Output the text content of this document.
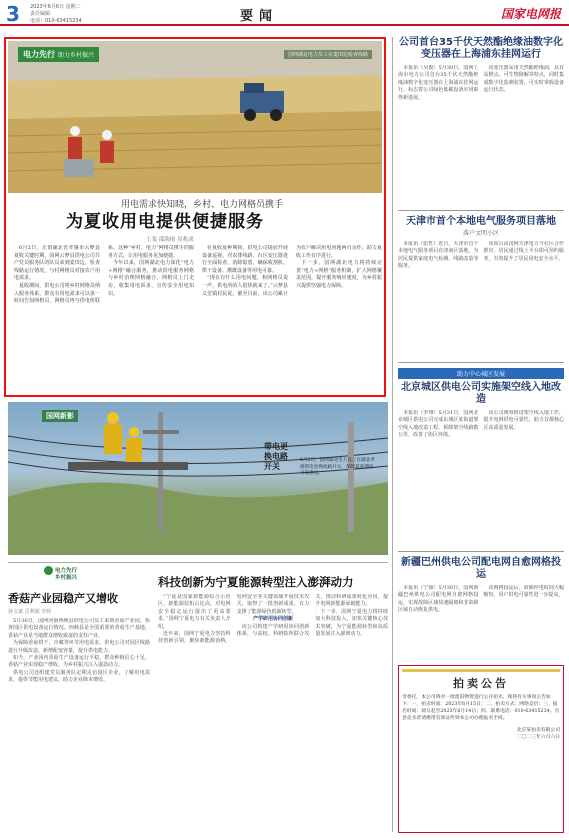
3 2023年6月6日 星期二
责任编辑
电话：010-63415234	要闻	国家电网报
电力先行 助力乡村振兴	国网湖北电力员工在麦田边检查线路
用电需求快知晓，乡村、电力网格员携手
为夏收用电提供便捷服务
王斐 邵韵雨 吴兆成

6月2日，正值湖北省孝感市云梦县夏收关键时期，国网云梦县供电公司共产党员服务队的队员来到麦田边，检查线路运行情况，与村网格员对接农户用电需求。

夏收期间，供电公司将乡村网格员纳入服务体系，群众有用电需求可以第一时间告知网格员，网格员再与供电所联系。这种“乡村、电力”网格员携手的服务方式，让用电服务更加便捷。

今年以来，国网湖北电力深化“电力+网格”融合服务，推动供电服务网格与乡村治理网格融合，网格员上门走访，收集用电诉求，宣传安全用电知识。

在夏收夏种期间，供电公司提前开展设备巡视，对农排线路、台区变压器进行全面检查，消除隐患，确保收割机、烘干设备、灌溉设备等用电可靠。

“现在有什么用电问题，和网格员说一声，供电所的人很快就来了。”云梦县义堂镇村民说。截至目前，该公司累计为农户解决用电问题两百余件，助力夏收工作有序进行。

下一步，国网湖北电力将持续完善“电力+网格”服务机制，扩大网格覆盖范围，提升服务响应速度，为乡村振兴提供坚强电力保障。

公司首台35千伏天然酯绝缘油数字化变压器在上海浦东挂网运行

本报讯（吴俊）5月30日，国网上海市电力公司首台35千伏天然酯绝缘油数字化变压器在上海浦东挂网运行，标志着公司绿色低碳设备应用取得新进展。

该变压器采用天然酯绝缘油，具有高燃点、可生物降解等特点，同时集成数字化监测装置，可实时掌握设备运行状态。

天津市首个本地电气服务项目落地
落户文明小区

本报讯（张哲）近日，天津市首个本地电气服务项目在津南区落地，为居民提供家庭电气检测、线路改造等服务。

该项目由国网天津电力与社区合作推出，居民通过线上平台即可预约服务，有效提升了居民用电安全水平。

助力中心城区发展
北京城区供电公司实施架空线入地改造

本报讯（李翔）5月31日，国网北京城区供电公司完成东城区某街道架空线入地改造工程，拆除架空线路数公里，改善了街区环境。

该公司统筹推进架空线入地工作，提升电网供电可靠性，助力首都核心区高质量发展。

新疆巴州供电公司配电网自愈网格投运

本报讯（宁丽）5月30日，国网新疆巴州供电公司配电网自愈网格投运，实现故障区域快速隔离和非故障区域自动恢复供电。

该网格投运后，故障停电时间大幅缩短，用户供电可靠性进一步提高。

国网新影
带电更换电路开关
6月2日，国网湖北电力员工在湖北孝感带电更换线路开关，保障夏收期间可靠供电。
电力先行
乡村振兴
香菇产业园稳产又增收
孙文斌 岳利娟 李婷

5月30日，国网河南西峡县供电公司员工来到香菇产业园，检查园区供电设备运行情况。西峡县是全国重要的香菇生产基地，香菇产业是当地群众增收致富的支柱产业。

为保障香菇烘干、冷藏等环节用电需求，供电公司对园区线路进行升级改造，新增配变容量，提升供电能力。

如今，产业园内香菇生产设备运行平稳，群众种植信心十足，香菇产业实现稳产增收，为乡村振兴注入强劲动力。

供电公司还组建党员服务队定期走访园区企业，了解用电需求，提供节能用电建议，助力企业降本增效。

科技创新为宁夏能源转型注入澎湃动力

“宁夏是国家新能源综合示范区，新能源装机占比高，对电网安全稳定运行提出了更高要求。”国网宁夏电力有关负责人介绍。

近年来，国网宁夏电力坚持科技创新引领，聚焦新能源消纳、电网安全等关键领域开展技术攻关，取得了一批创新成果，有力支撑了能源绿色低碳转型。

产学研用协同创新

该公司构建产学研用协同创新体系，与高校、科研院所联合攻关，推动科研成果转化应用，提升电网新能源承载能力。

下一步，国网宁夏电力将持续加大科技投入，加快关键核心技术突破，为宁夏能源转型和高质量发展注入澎湃动力。

拍卖公告
受委托，本公司将对一批废旧物资进行公开拍卖，现将有关事项公告如下：一、拍卖时间：2023年6月15日；二、拍卖方式：网络竞价；三、报名时间：即日起至2023年6月14日；四、联系电话：010-63415234。有意竞买者请携带有效证件到本公司办理报名手续。
北京某拍卖有限公司
二〇二三年六月六日
